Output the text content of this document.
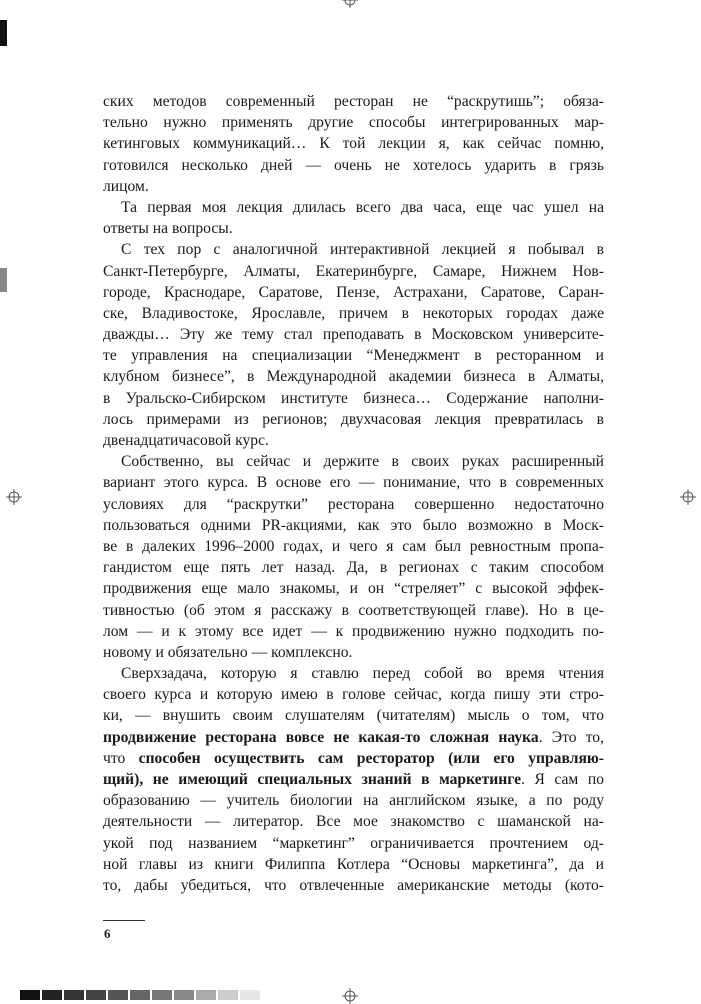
ских методов современный ресторан не “раскрутишь”; обяза-
тельно нужно применять другие способы интегрированных мар-
кетинговых коммуникаций… К той лекции я, как сейчас помню,
готовился несколько дней — очень не хотелось ударить в грязь
лицом.
Та первая моя лекция длилась всего два часа, еще час ушел на
ответы на вопросы.
С тех пор с аналогичной интерактивной лекцией я побывал в
Санкт-Петербурге, Алматы, Екатеринбурге, Самаре, Нижнем Нов-
городе, Краснодаре, Саратове, Пензе, Астрахани, Саратове, Саран-
ске, Владивостоке, Ярославле, причем в некоторых городах даже
дважды… Эту же тему стал преподавать в Московском университе-
те управления на специализации “Менеджмент в ресторанном и
клубном бизнесе”, в Международной академии бизнеса в Алматы,
в Уральско-Сибирском институте бизнеса… Содержание наполни-
лось примерами из регионов; двухчасовая лекция превратилась в
двенадцатичасовой курс.
Собственно, вы сейчас и держите в своих руках расширенный
вариант этого курса. В основе его — понимание, что в современных
условиях для “раскрутки” ресторана совершенно недостаточно
пользоваться одними PR-акциями, как это было возможно в Моск-
ве в далеких 1996–2000 годах, и чего я сам был ревностным пропа-
гандистом еще пять лет назад. Да, в регионах с таким способом
продвижения еще мало знакомы, и он “стреляет” с высокой эффек-
тивностью (об этом я расскажу в соответствующей главе). Но в це-
лом — и к этому все идет — к продвижению нужно подходить по-
новому и обязательно — комплексно.
Сверхзадача, которую я ставлю перед собой во время чтения
своего курса и которую имею в голове сейчас, когда пишу эти стро-
ки, — внушить своим слушателям (читателям) мысль о том, что
продвижение ресторана вовсе не какая-то сложная наука. Это то,
что способен осуществить сам ресторатор (или его управляю-
щий), не имеющий специальных знаний в маркетинге. Я сам по
образованию — учитель биологии на английском языке, а по роду
деятельности — литератор. Все мое знакомство с шаманской на-
укой под названием “маркетинг” ограничивается прочтением од-
ной главы из книги Филиппа Котлера “Основы маркетинга”, да и
то, дабы убедиться, что отвлеченные американские методы (кото-
6
